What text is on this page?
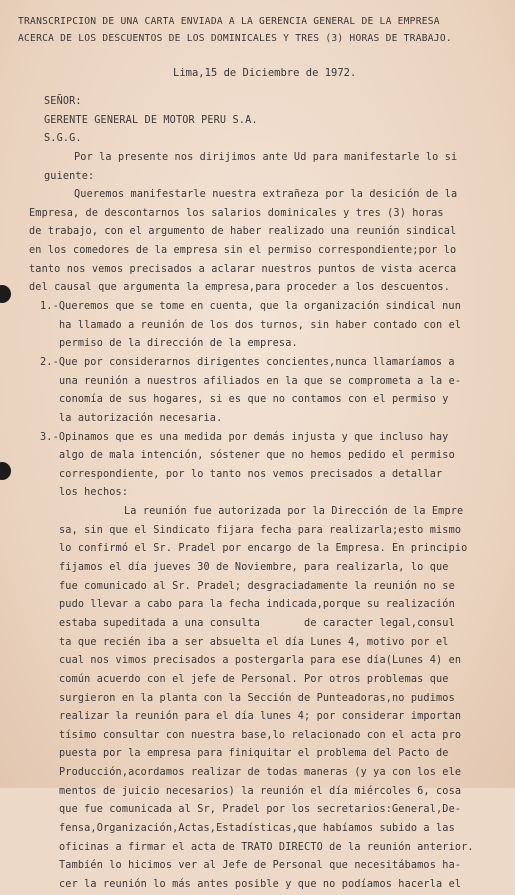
TRANSCRIPCION DE UNA CARTA ENVIADA A LA GERENCIA GENERAL DE LA EMPRESA
ACERCA DE LOS DESCUENTOS DE LOS DOMINICALES Y TRES (3) HORAS DE TRABAJO.
Lima,15 de Diciembre de 1972.
SEÑOR:
GERENTE GENERAL DE MOTOR PERU S.A.
S.G.G.
Por la presente nos dirijimos ante Ud para manifestarle lo si
guiente:
Queremos manifestarle nuestra extrañeza por la desición de la
Empresa, de descontarnos los salarios dominicales y tres (3) horas
de trabajo, con el argumento de haber realizado una reunión sindical
en los comedores de la empresa sin el permiso correspondiente;por lo
tanto nos vemos precisados a aclarar nuestros puntos de vista acerca
del causal que argumenta la empresa,para proceder a los descuentos.
1.-Queremos que se tome en cuenta, que la organización sindical nun
ha llamado a reunión de los dos turnos, sin haber contado con el
permiso de la dirección de la empresa.
2.-Que por considerarnos dirigentes concientes,nunca llamaríamos a
una reunión a nuestros afiliados en la que se comprometa a la e-
conomía de sus hogares, si es que no contamos con el permiso y
la autorización necesaria.
3.-Opinamos que es una medida por demás injusta y que incluso hay
algo de mala intención, sóstener que no hemos pedido el permiso
correspondiente, por lo tanto nos vemos precisados a detallar
los hechos:
La reunión fue autorizada por la Dirección de la Empre
sa, sin que el Sindicato fijara fecha para realizarla;esto mismo
lo confirmó el Sr. Pradel por encargo de la Empresa. En principio
fijamos el día jueves 30 de Noviembre, para realizarla, lo que
fue comunicado al Sr. Pradel; desgraciadamente la reunión no se
pudo llevar a cabo para la fecha indicada,porque su realización
estaba supeditada a una consulta       de caracter legal,consul
ta que recién iba a ser absuelta el día Lunes 4, motivo por el
cual nos vimos precisados a postergarla para ese día(Lunes 4) en
común acuerdo con el jefe de Personal. Por otros problemas que
surgieron en la planta con la Sección de Punteadoras,no pudimos
realizar la reunión para el día lunes 4; por considerar importan
tísimo consultar con nuestra base,lo relacionado con el acta pro
puesta por la empresa para finiquitar el problema del Pacto de
Producción,acordamos realizar de todas maneras (y ya con los ele
mentos de juicio necesarios) la reunión el día miércoles 6, cosa
que fue comunicada al Sr, Pradel por los secretarios:General,De-
fensa,Organización,Actas,Estadísticas,que habíamos subido a las
oficinas a firmar el acta de TRATO DIRECTO de la reunión anterior.
También lo hicimos ver al Jefe de Personal que necesitábamos ha-
cer la reunión lo más antes posible y que no podíamos hacerla el
